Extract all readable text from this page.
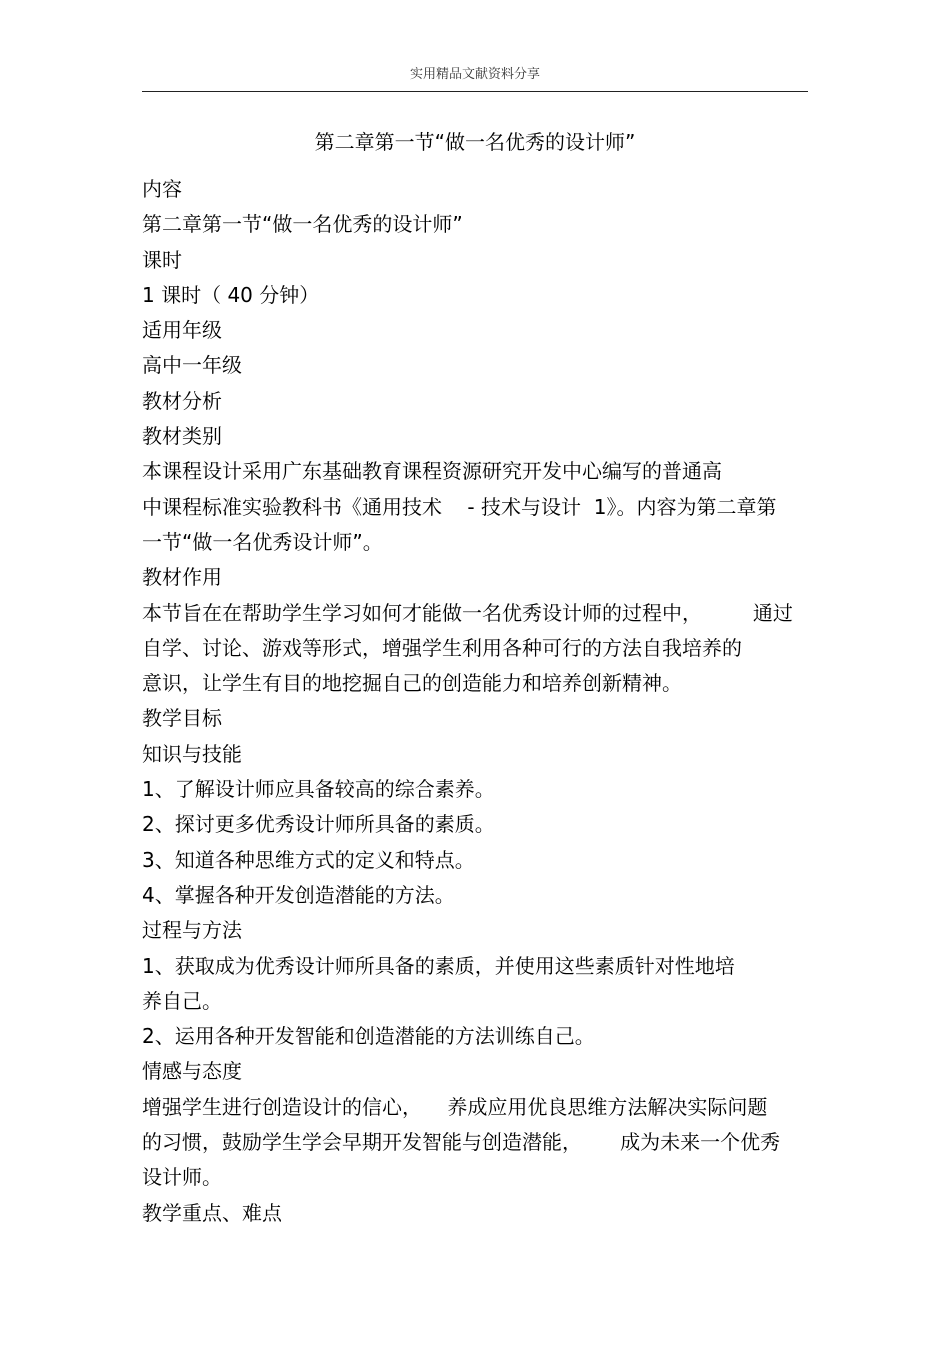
实用精品文献资料分享
第二章第一节“做一名优秀的设计师”
内容
第二章第一节“做一名优秀的设计师”
课时
1 课时（ 40 分钟）
适用年级
高中一年级
教材分析
教材类别
本课程设计采用广东基础教育课程资源研究开发中心编写的普通高
中课程标准实验教科书《通用技术    - 技术与设计  1》。内容为第二章第
一节“做一名优秀设计师”。
教材作用
本节旨在在帮助学生学习如何才能做一名优秀设计师的过程中，        通过
自学、讨论、游戏等形式，增强学生利用各种可行的方法自我培养的
意识，让学生有目的地挖掘自己的创造能力和培养创新精神。
教学目标
知识与技能
1、了解设计师应具备较高的综合素养。
2、探讨更多优秀设计师所具备的素质。
3、知道各种思维方式的定义和特点。
4、掌握各种开发创造潜能的方法。
过程与方法
1、获取成为优秀设计师所具备的素质，并使用这些素质针对性地培
养自己。
2、运用各种开发智能和创造潜能的方法训练自己。
情感与态度
增强学生进行创造设计的信心，    养成应用优良思维方法解决实际问题
的习惯，鼓励学生学会早期开发智能与创造潜能，      成为未来一个优秀
设计师。
教学重点、难点
